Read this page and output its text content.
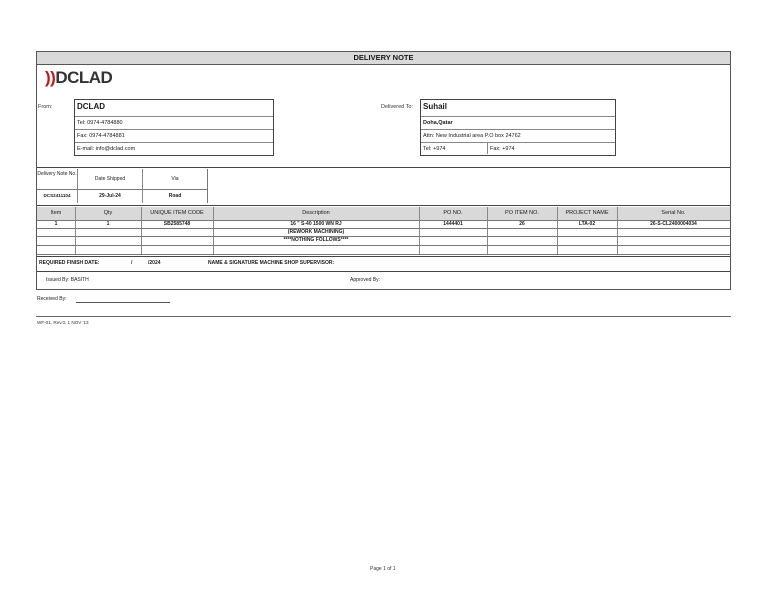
DELIVERY NOTE
))DCLAD
From:	DCLAD
Tel: 0974-4784880
Fax: 0974-4784881
E-mail: info@dclad.com
Delivered To: Suhail
Doha,Qatar
Attn: New Industrial area P.O box 24762
Tel: +974	Fax: +974
Delivery Note No.
Date Shipped	Via
DCS2411104	29-Jul-24	Road
Item	Qty	UNIQUE ITEM CODE	Description	PO NO.	PO ITEM NO.	PROJECT NAME	Serial No.
1	1	SB2585748	16 " S-40 1500 WN RJ	1444401	26	LTA-02	26-S-CL2400004034
(REWORK MACHINING)
****NOTHING FOLLOWS****
REQUIRED FINISH DATE:	/	/2024	NAME & SIGNATURE MACHINE SHOP SUPERVISOR:
Issued By: BASITH	Approved By:
Received By:
WF-01, Rev.0, 1 NOV '13
Page 1 of 1
